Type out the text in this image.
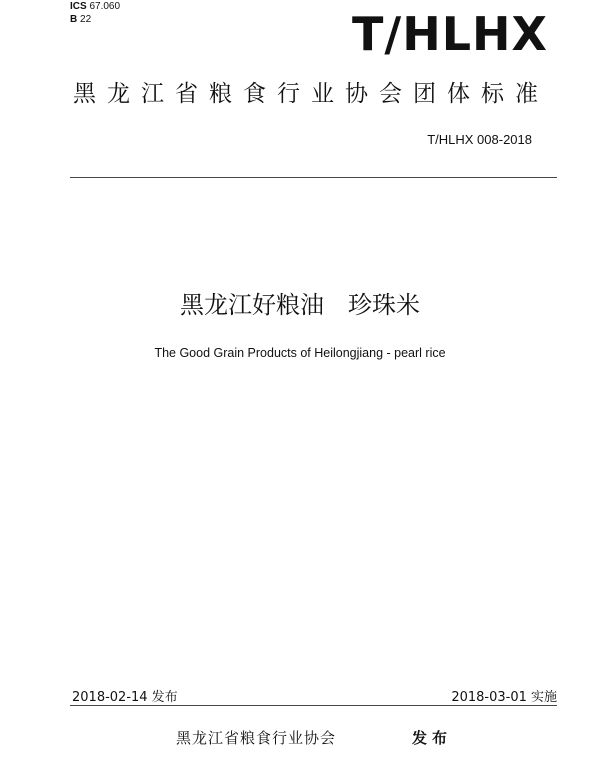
ICS 67.060
B 22	T/HLHX
黑龙江省粮食行业协会团体标准
T/HLHX 008-2018
黑龙江好粮油　珍珠米
The Good Grain Products of Heilongjiang - pearl rice
2018-02-14 发布	2018-03-01 实施
黑龙江省粮食行业协会	发布
